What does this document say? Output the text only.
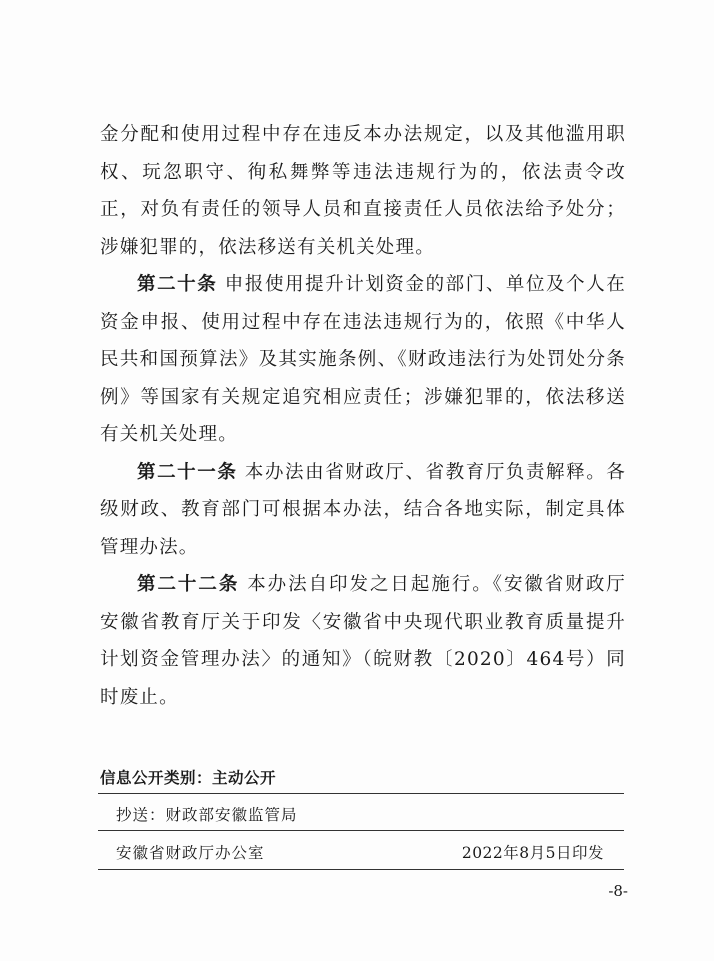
金分配和使用过程中存在违反本办法规定，以及其他滥用职权、玩忽职守、徇私舞弊等违法违规行为的，依法责令改正，对负有责任的领导人员和直接责任人员依法给予处分；涉嫌犯罪的，依法移送有关机关处理。

第二十条 申报使用提升计划资金的部门、单位及个人在资金申报、使用过程中存在违法违规行为的，依照《中华人民共和国预算法》及其实施条例、《财政违法行为处罚处分条例》等国家有关规定追究相应责任；涉嫌犯罪的，依法移送有关机关处理。

第二十一条 本办法由省财政厅、省教育厅负责解释。各级财政、教育部门可根据本办法，结合各地实际，制定具体管理办法。

第二十二条 本办法自印发之日起施行。《安徽省财政厅 安徽省教育厅关于印发〈安徽省中央现代职业教育质量提升计划资金管理办法〉的通知》（皖财教〔2020〕464号）同时废止。

信息公开类别：主动公开
抄送：财政部安徽监管局
安徽省财政厅办公室	2022年8月5日印发
-8-
